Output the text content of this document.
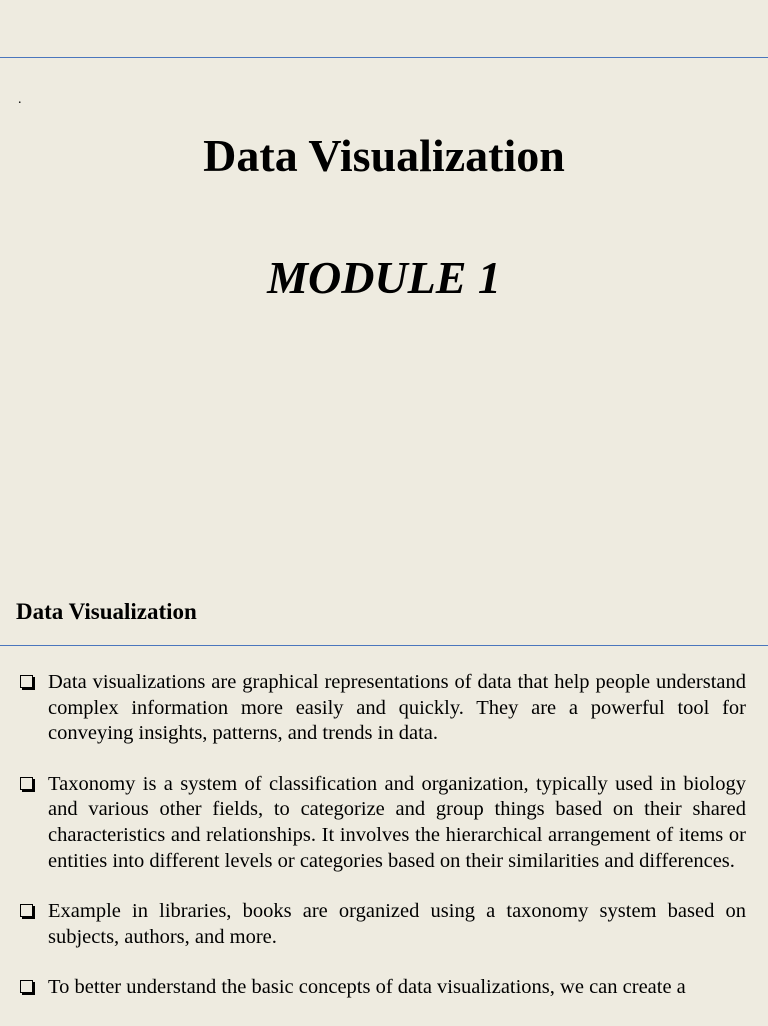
.
Data Visualization
MODULE 1
Data Visualization
Data visualizations are graphical representations of data that help people understand complex information more easily and quickly. They are a powerful tool for conveying insights, patterns, and trends in data.
Taxonomy is a system of classification and organization, typically used in biology and various other fields, to categorize and group things based on their shared characteristics and relationships. It involves the hierarchical arrangement of items or entities into different levels or categories based on their similarities and differences.
Example in libraries, books are organized using a taxonomy system based on subjects, authors, and more.
To better understand the basic concepts of data visualizations, we can create a
